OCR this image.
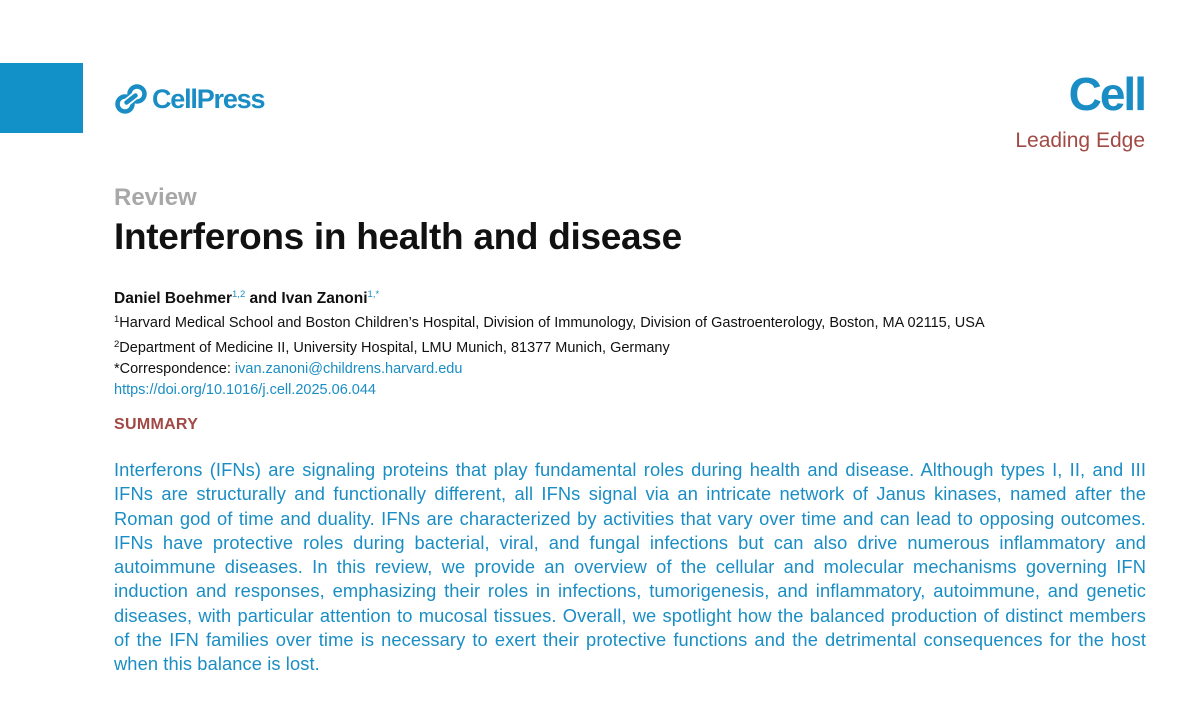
CellPress	Cell
Leading Edge
Review
Interferons in health and disease
Daniel Boehmer$^{1,2}$ and Ivan Zanoni$^{1,*}$
$^1$Harvard Medical School and Boston Children’s Hospital, Division of Immunology, Division of Gastroenterology, Boston, MA 02115, USA
$^2$Department of Medicine II, University Hospital, LMU Munich, 81377 Munich, Germany
*Correspondence: ivan.zanoni@childrens.harvard.edu
https://doi.org/10.1016/j.cell.2025.06.044
SUMMARY
Interferons (IFNs) are signaling proteins that play fundamental roles during health and disease. Although types I, II, and III IFNs are structurally and functionally different, all IFNs signal via an intricate network of Janus kinases, named after the Roman god of time and duality. IFNs are characterized by activities that vary over time and can lead to opposing outcomes. IFNs have protective roles during bacterial, viral, and fungal infections but can also drive numerous inflammatory and autoimmune diseases. In this review, we provide an overview of the cellular and molecular mechanisms governing IFN induction and responses, emphasizing their roles in infections, tumorigenesis, and inflammatory, autoimmune, and genetic diseases, with particular attention to mucosal tissues. Overall, we spotlight how the balanced production of distinct members of the IFN families over time is necessary to exert their protective functions and the detrimental consequences for the host when this balance is lost.
